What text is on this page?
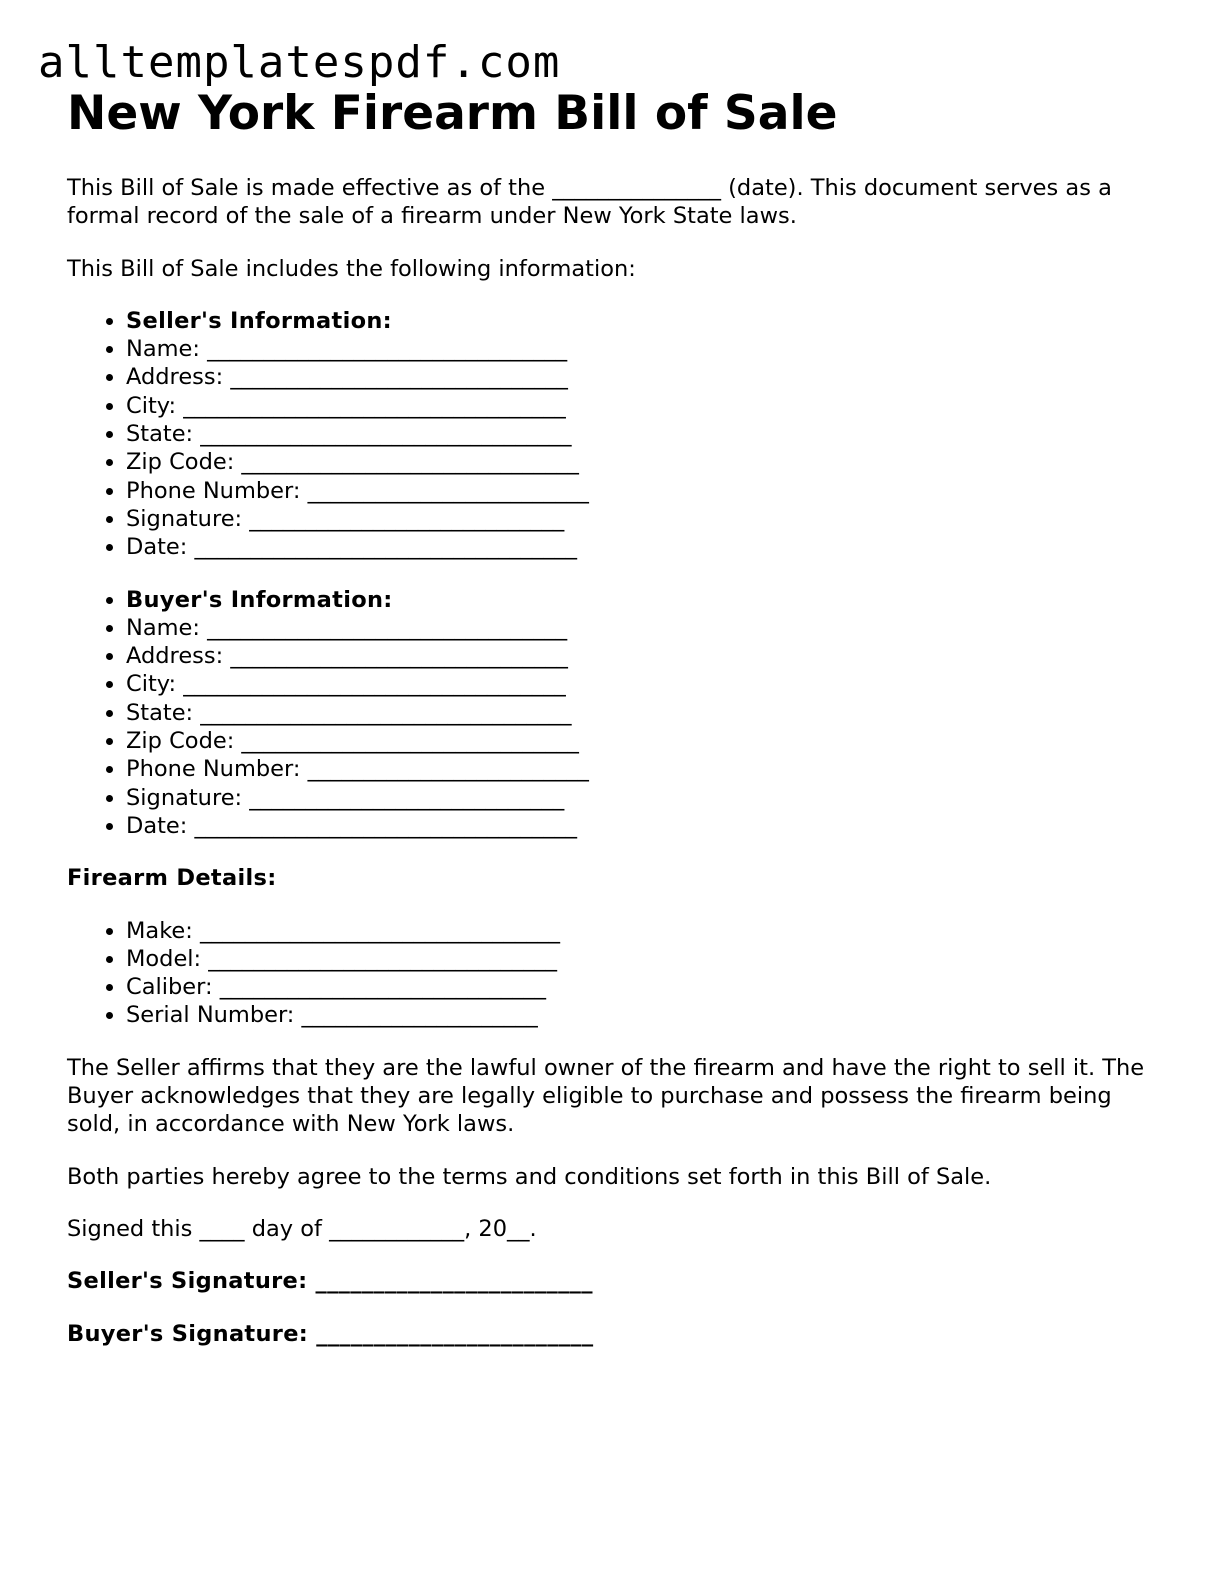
alltemplatespdf.com
New York Firearm Bill of Sale

This Bill of Sale is made effective as of the _______________ (date). This document serves as a formal record of the sale of a firearm under New York State laws.

This Bill of Sale includes the following information:

• Seller's Information:
• Name: ________________________________
• Address: ______________________________
• City: __________________________________
• State: _________________________________
• Zip Code: ______________________________
• Phone Number: _________________________
• Signature: ____________________________
• Date: __________________________________
• Buyer's Information:
• Name: ________________________________
• Address: ______________________________
• City: __________________________________
• State: _________________________________
• Zip Code: ______________________________
• Phone Number: _________________________
• Signature: ____________________________
• Date: __________________________________

Firearm Details:

• Make: ________________________________
• Model: _______________________________
• Caliber: _____________________________
• Serial Number: _____________________

The Seller affirms that they are the lawful owner of the firearm and have the right to sell it. The Buyer acknowledges that they are legally eligible to purchase and possess the firearm being sold, in accordance with New York laws.

Both parties hereby agree to the terms and conditions set forth in this Bill of Sale.

Signed this ____ day of ____________, 20__.

Seller's Signature: ________________________

Buyer's Signature: ________________________
